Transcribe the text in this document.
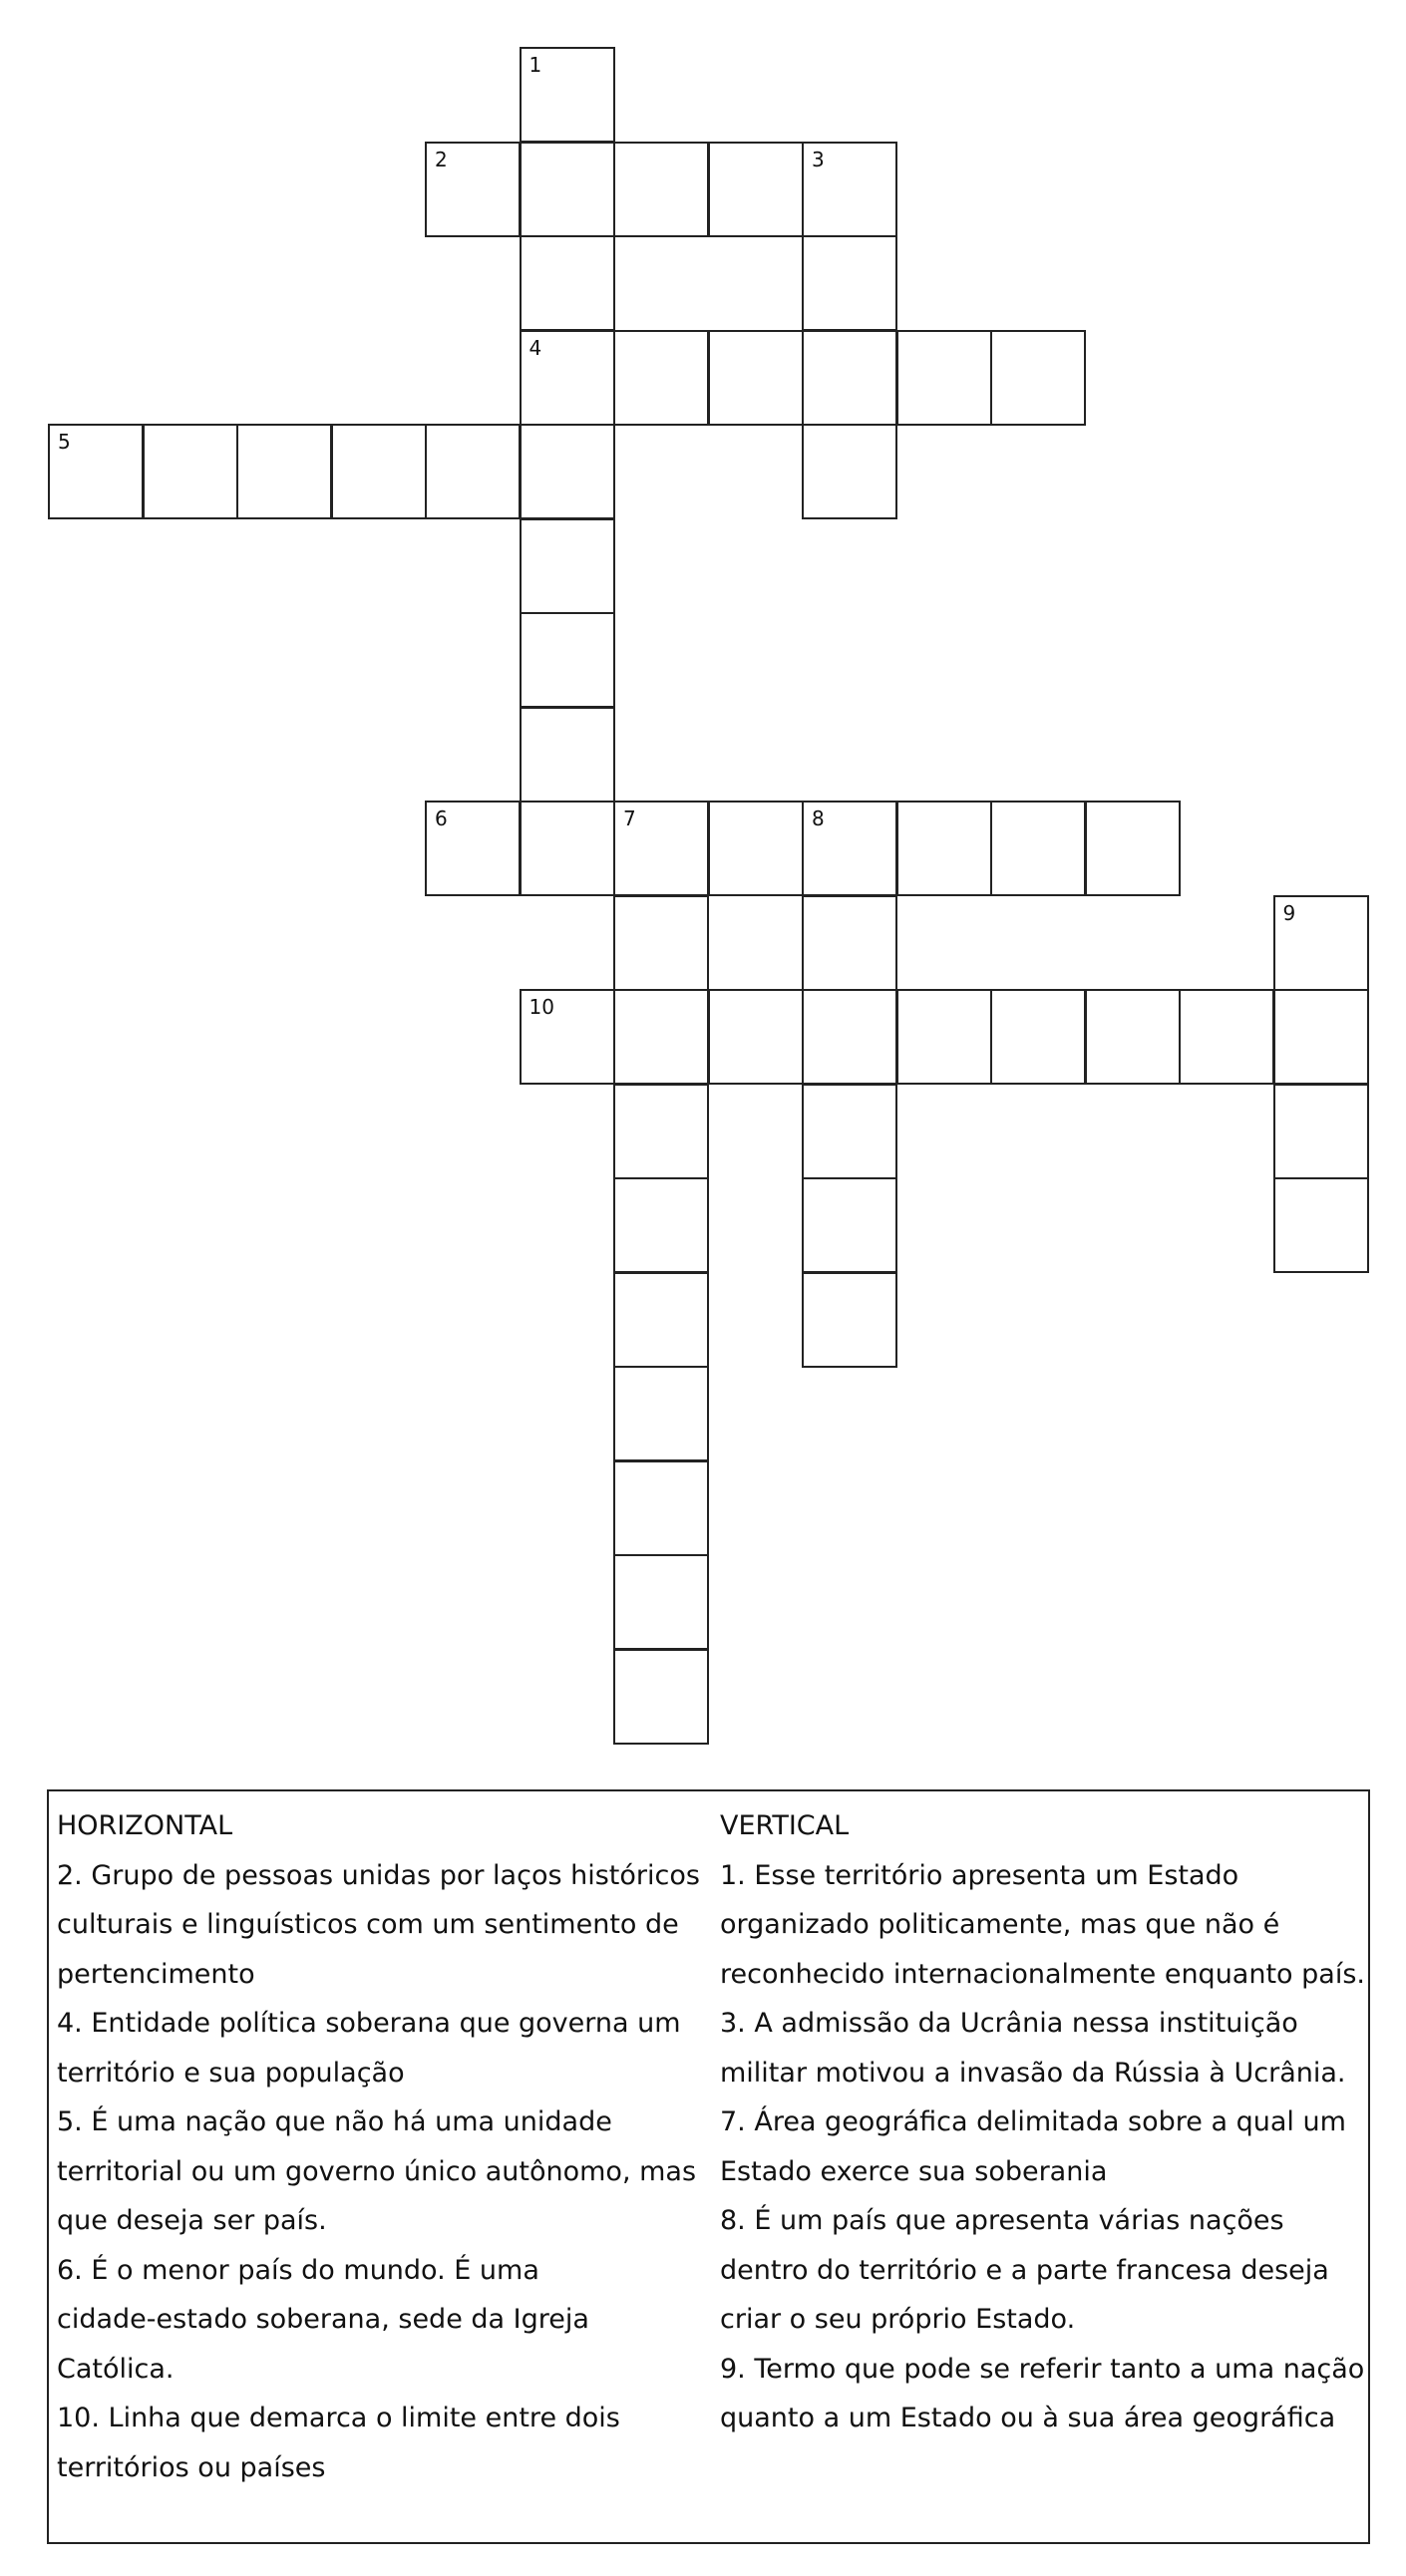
1
4
2	3
5
6	7	8
10
9

HORIZONTAL

2. Grupo de pessoas unidas por laços históricos

culturais e linguísticos com um sentimento de

pertencimento

4. Entidade política soberana que governa um

território e sua população

5. É uma nação que não há uma unidade

territorial ou um governo único autônomo, mas

que deseja ser país.

6. É o menor país do mundo. É uma

cidade-estado soberana, sede da Igreja

Católica.

10. Linha que demarca o limite entre dois

territórios ou países

VERTICAL

1. Esse território apresenta um Estado

organizado politicamente, mas que não é

reconhecido internacionalmente enquanto país.

3. A admissão da Ucrânia nessa instituição

militar motivou a invasão da Rússia à Ucrânia.

7. Área geográfica delimitada sobre a qual um

Estado exerce sua soberania

8. É um país que apresenta várias nações

dentro do território e a parte francesa deseja

criar o seu próprio Estado.

9. Termo que pode se referir tanto a uma nação

quanto a um Estado ou à sua área geográfica
